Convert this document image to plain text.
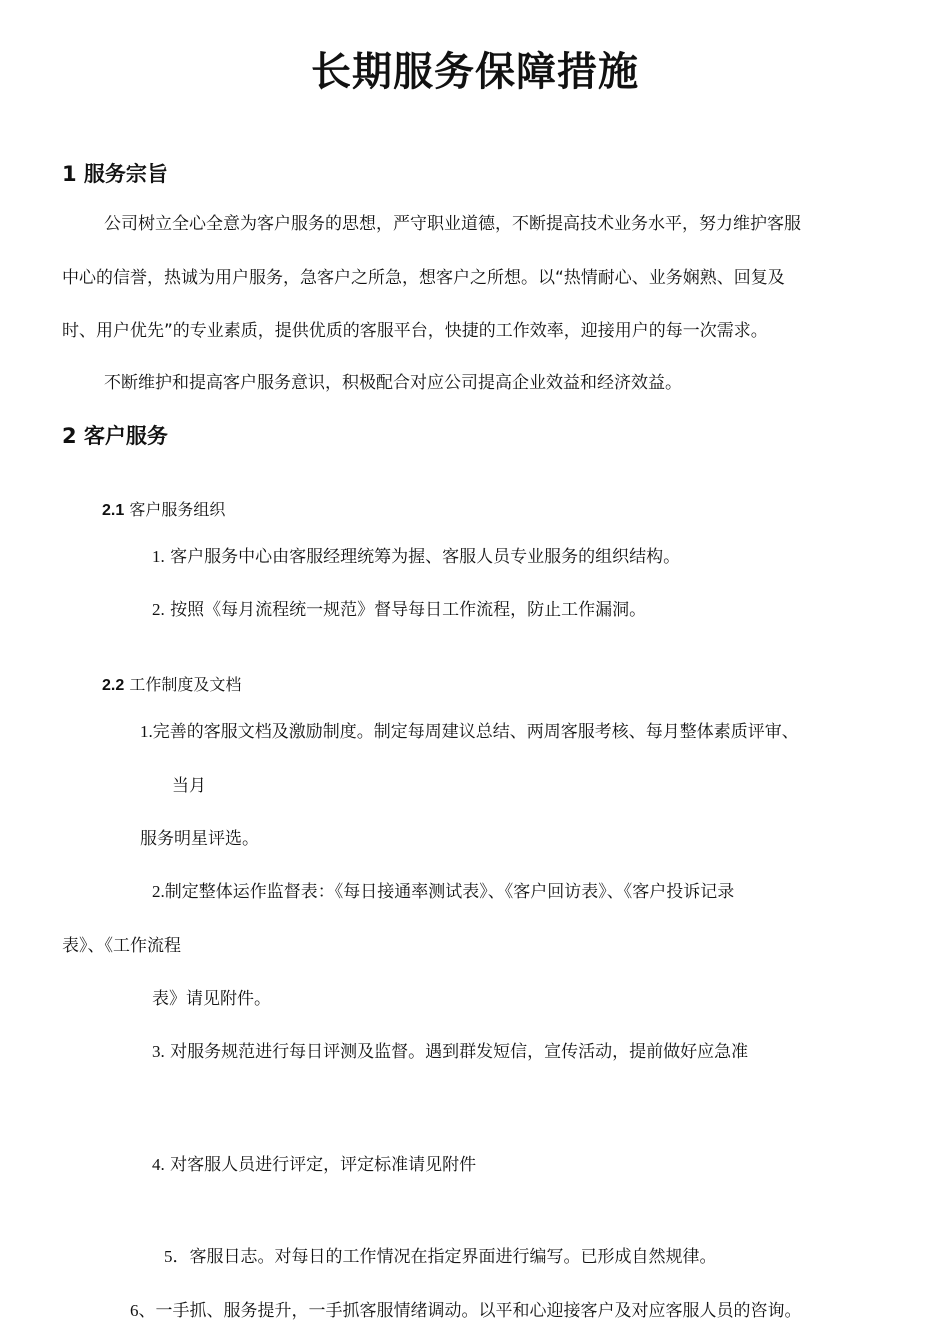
长期服务保障措施
1 服务宗旨

公司树立全心全意为客户服务的思想，严守职业道德，不断提高技术业务水平，努力维护客服

中心的信誉，热诚为用户服务，急客户之所急，想客户之所想。以“热情耐心、业务娴熟、回复及

时、用户优先”的专业素质，提供优质的客服平台，快捷的工作效率，迎接用户的每一次需求。

不断维护和提高客户服务意识，积极配合对应公司提高企业效益和经济效益。

2 客户服务
2.1 客户服务组织
1. 客户服务中心由客服经理统筹为握、客服人员专业服务的组织结构。
2. 按照《每月流程统一规范》督导每日工作流程，防止工作漏洞。
2.2 工作制度及文档
1.完善的客服文档及激励制度。制定每周建议总结、两周客服考核、每月整体素质评审、

当月

服务明星评选。

2.制定整体运作监督表：《每日接通率测试表》、《客户回访表》、《客户投诉记录

表》、《工作流程

表》请见附件。

3. 对服务规范进行每日评测及监督。遇到群发短信，宣传活动，提前做好应急准
4. 对客服人员进行评定，评定标准请见附件
5．客服日志。对每日的工作情况在指定界面进行编写。已形成自然规律。
6、一手抓、服务提升，一手抓客服情绪调动。以平和心迎接客户及对应客服人员的咨询。
